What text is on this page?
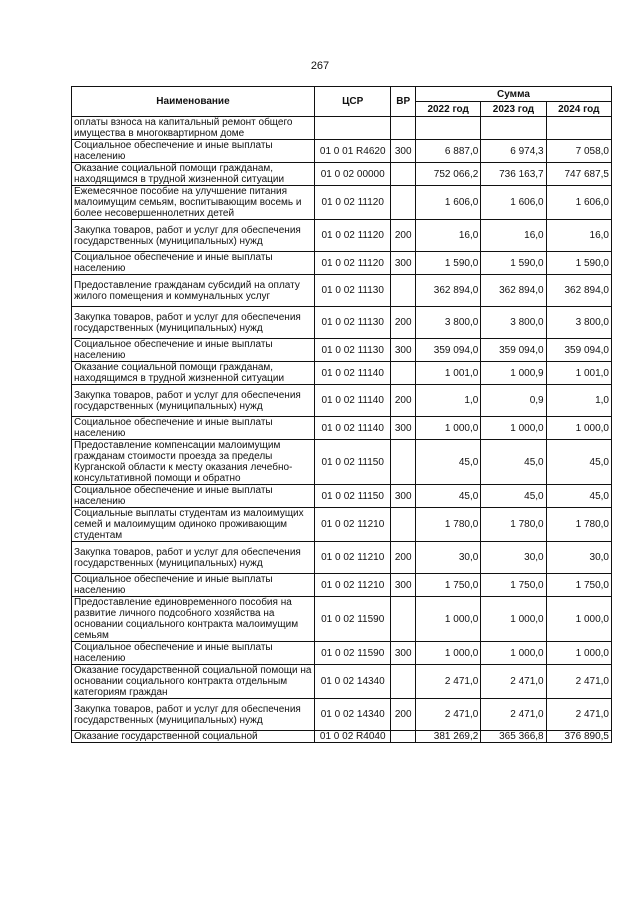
267
Наименование	ЦСР	ВР	Сумма		
			2022 год	2023 год	2024 год
оплаты взноса на капитальный ремонт общего имущества в многоквартирном доме					
Социальное обеспечение и иные выплаты населению	01 0 01 R4620	300	6 887,0	6 974,3	7 058,0
Оказание социальной помощи гражданам, находящимся в трудной жизненной ситуации	01 0 02 00000		752 066,2	736 163,7	747 687,5
Ежемесячное пособие на улучшение питания малоимущим семьям, воспитывающим восемь и более несовершеннолетних детей	01 0 02 11120		1 606,0	1 606,0	1 606,0
Закупка товаров, работ и услуг для обеспечения государственных (муниципальных) нужд	01 0 02 11120	200	16,0	16,0	16,0
Социальное обеспечение и иные выплаты населению	01 0 02 11120	300	1 590,0	1 590,0	1 590,0
Предоставление гражданам субсидий на оплату жилого помещения и коммунальных услуг	01 0 02 11130		362 894,0	362 894,0	362 894,0
Закупка товаров, работ и услуг для обеспечения государственных (муниципальных) нужд	01 0 02 11130	200	3 800,0	3 800,0	3 800,0
Социальное обеспечение и иные выплаты населению	01 0 02 11130	300	359 094,0	359 094,0	359 094,0
Оказание социальной помощи гражданам, находящимся в трудной жизненной ситуации	01 0 02 11140		1 001,0	1 000,9	1 001,0
Закупка товаров, работ и услуг для обеспечения государственных (муниципальных) нужд	01 0 02 11140	200	1,0	0,9	1,0
Социальное обеспечение и иные выплаты населению	01 0 02 11140	300	1 000,0	1 000,0	1 000,0
Предоставление компенсации малоимущим гражданам стоимости проезда за пределы Курганской области к месту оказания лечебно-консультативной помощи и обратно	01 0 02 11150		45,0	45,0	45,0
Социальное обеспечение и иные выплаты населению	01 0 02 11150	300	45,0	45,0	45,0
Социальные выплаты студентам из малоимущих семей и малоимущим одиноко проживающим студентам	01 0 02 11210		1 780,0	1 780,0	1 780,0
Закупка товаров, работ и услуг для обеспечения государственных (муниципальных) нужд	01 0 02 11210	200	30,0	30,0	30,0
Социальное обеспечение и иные выплаты населению	01 0 02 11210	300	1 750,0	1 750,0	1 750,0
Предоставление единовременного пособия на развитие личного подсобного хозяйства на основании социального контракта малоимущим семьям	01 0 02 11590		1 000,0	1 000,0	1 000,0
Социальное обеспечение и иные выплаты населению	01 0 02 11590	300	1 000,0	1 000,0	1 000,0
Оказание государственной социальной помощи на основании социального контракта отдельным категориям граждан	01 0 02 14340		2 471,0	2 471,0	2 471,0
Закупка товаров, работ и услуг для обеспечения государственных (муниципальных) нужд	01 0 02 14340	200	2 471,0	2 471,0	2 471,0
Оказание государственной социальной	01 0 02 R4040		381 269,2	365 366,8	376 890,5
